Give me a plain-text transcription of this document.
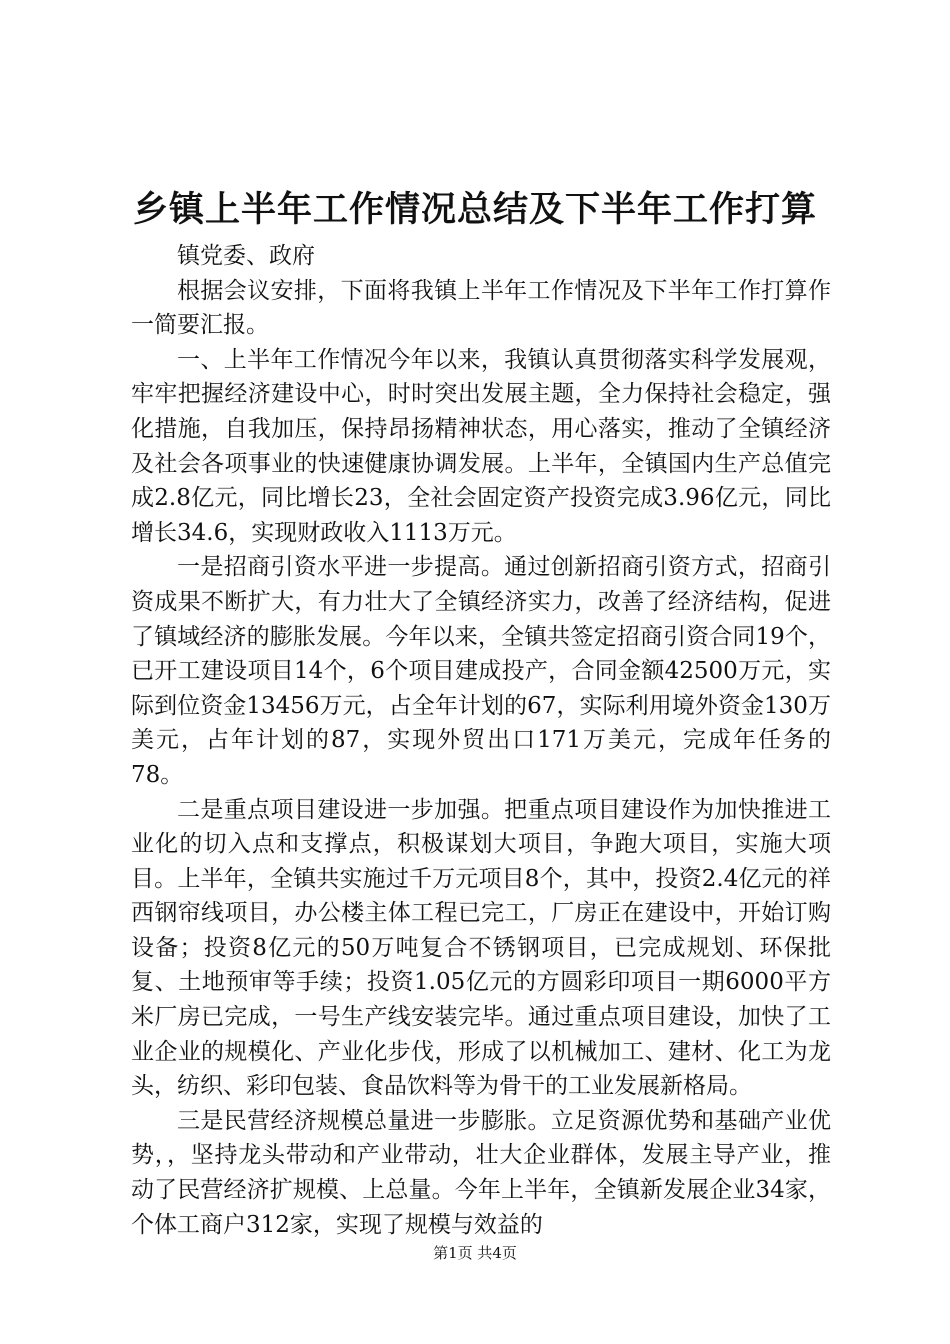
乡镇上半年工作情况总结及下半年工作打算

镇党委、政府

根据会议安排，下面将我镇上半年工作情况及下半年工作打算作一简要汇报。

一、上半年工作情况今年以来，我镇认真贯彻落实科学发展观，牢牢把握经济建设中心，时时突出发展主题，全力保持社会稳定，强化措施，自我加压，保持昂扬精神状态，用心落实，推动了全镇经济及社会各项事业的快速健康协调发展。上半年，全镇国内生产总值完成2.8亿元，同比增长23，全社会固定资产投资完成3.96亿元，同比增长34.6，实现财政收入1113万元。

一是招商引资水平进一步提高。通过创新招商引资方式，招商引资成果不断扩大，有力壮大了全镇经济实力，改善了经济结构，促进了镇域经济的膨胀发展。今年以来，全镇共签定招商引资合同19个，已开工建设项目14个，6个项目建成投产，合同金额42500万元，实际到位资金13456万元，占全年计划的67，实际利用境外资金130万美元，占年计划的87，实现外贸出口171万美元，完成年任务的78。

二是重点项目建设进一步加强。把重点项目建设作为加快推进工业化的切入点和支撑点，积极谋划大项目，争跑大项目，实施大项目。上半年，全镇共实施过千万元项目8个，其中，投资2.4亿元的祥西钢帘线项目，办公楼主体工程已完工，厂房正在建设中，开始订购设备；投资8亿元的50万吨复合不锈钢项目，已完成规划、环保批复、土地预审等手续；投资1.05亿元的方圆彩印项目一期6000平方米厂房已完成，一号生产线安装完毕。通过重点项目建设，加快了工业企业的规模化、产业化步伐，形成了以机械加工、建材、化工为龙头，纺织、彩印包装、食品饮料等为骨干的工业发展新格局。

三是民营经济规模总量进一步膨胀。立足资源优势和基础产业优势，，坚持龙头带动和产业带动，壮大企业群体，发展主导产业，推动了民营经济扩规模、上总量。今年上半年，全镇新发展企业34家，个体工商户312家，实现了规模与效益的

第1页 共4页
